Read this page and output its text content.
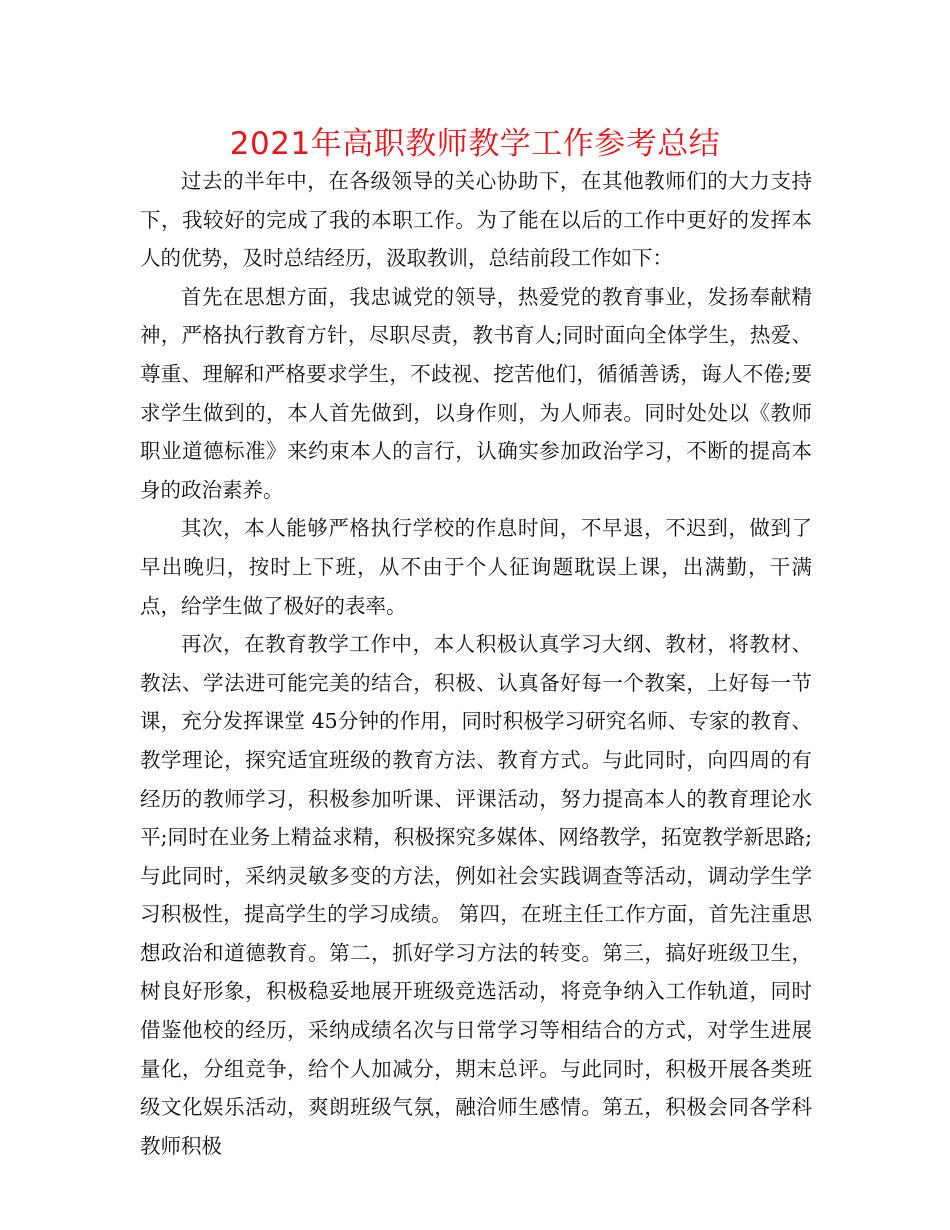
2021年高职教师教学工作参考总结

过去的半年中，在各级领导的关心协助下，在其他教师们的大力支持下，我较好的完成了我的本职工作。为了能在以后的工作中更好的发挥本人的优势，及时总结经历，汲取教训，总结前段工作如下：

首先在思想方面，我忠诚党的领导，热爱党的教育事业，发扬奉献精神，严格执行教育方针，尽职尽责，教书育人;同时面向全体学生，热爱、尊重、理解和严格要求学生，不歧视、挖苦他们，循循善诱，诲人不倦;要求学生做到的，本人首先做到，以身作则，为人师表。同时处处以《教师职业道德标准》来约束本人的言行，认确实参加政治学习，不断的提高本身的政治素养。

其次，本人能够严格执行学校的作息时间，不早退，不迟到，做到了早出晚归，按时上下班，从不由于个人征询题耽误上课，出满勤，干满点，给学生做了极好的表率。

再次，在教育教学工作中，本人积极认真学习大纲、教材，将教材、教法、学法进可能完美的结合，积极、认真备好每一个教案，上好每一节课，充分发挥课堂 45分钟的作用，同时积极学习研究名师、专家的教育、教学理论，探究适宜班级的教育方法、教育方式。与此同时，向四周的有经历的教师学习，积极参加听课、评课活动，努力提高本人的教育理论水平;同时在业务上精益求精，积极探究多媒体、网络教学，拓宽教学新思路;与此同时，采纳灵敏多变的方法，例如社会实践调查等活动，调动学生学习积极性，提高学生的学习成绩。 第四，在班主任工作方面，首先注重思想政治和道德教育。第二，抓好学习方法的转变。第三，搞好班级卫生，树良好形象，积极稳妥地展开班级竞选活动，将竞争纳入工作轨道，同时借鉴他校的经历，采纳成绩名次与日常学习等相结合的方式，对学生进展量化，分组竞争，给个人加减分，期末总评。与此同时，积极开展各类班级文化娱乐活动，爽朗班级气氛，融洽师生感情。第五，积极会同各学科教师积极
